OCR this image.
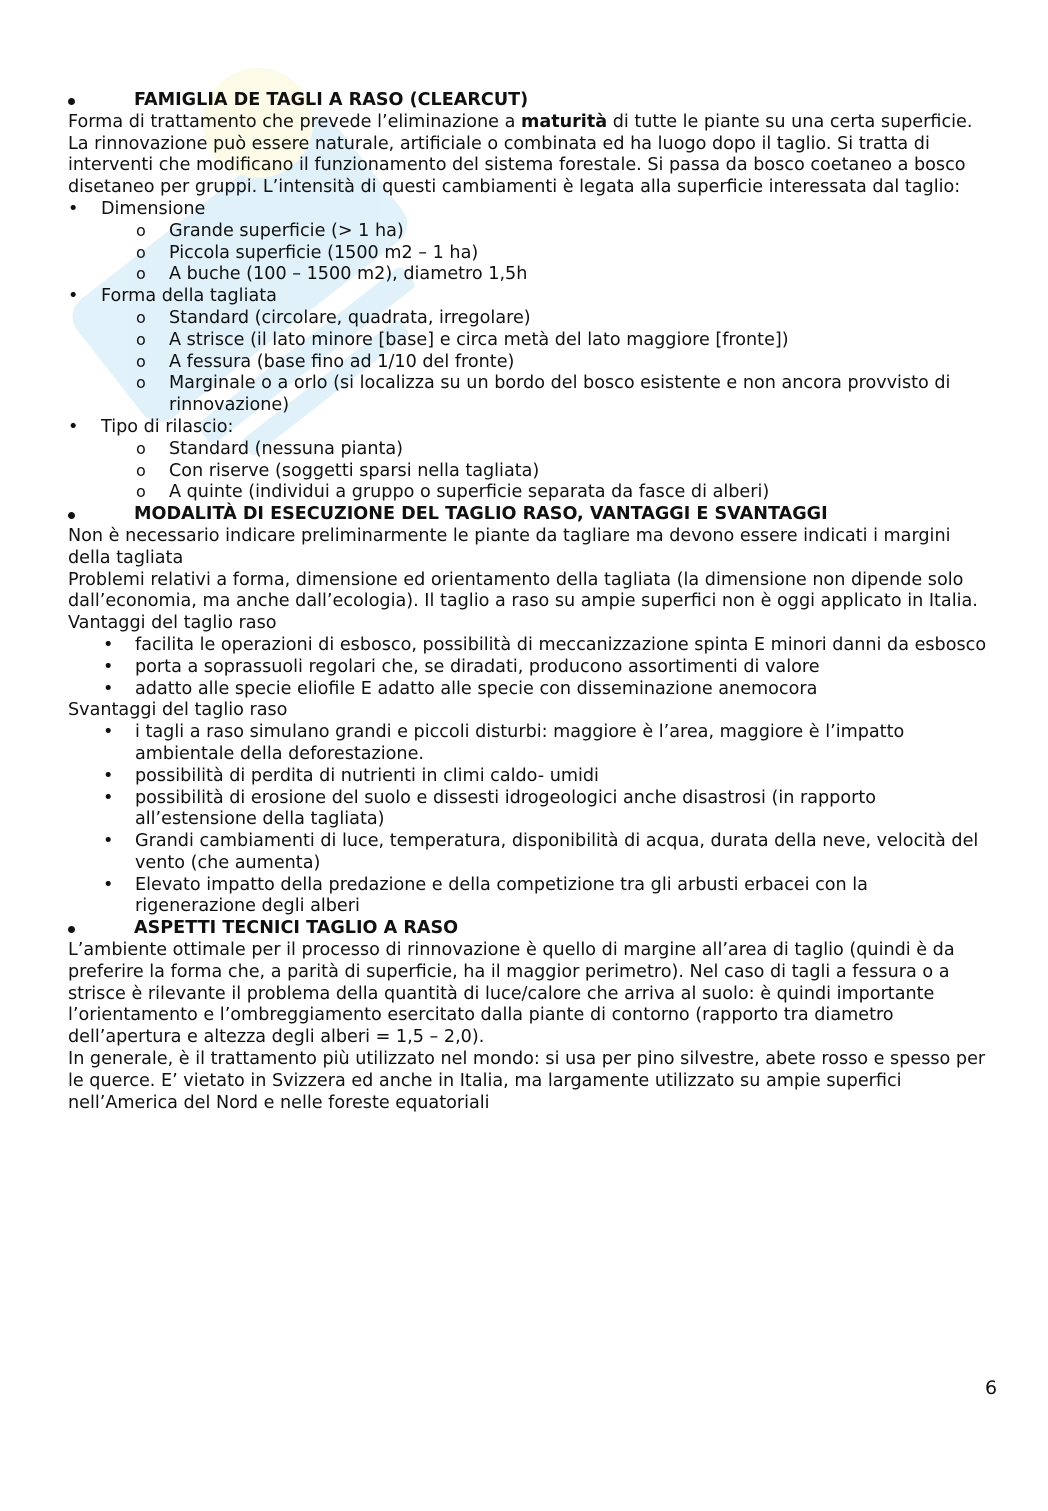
FAMIGLIA DE TAGLI A RASO (CLEARCUT)

Forma di trattamento che prevede l’eliminazione a maturità di tutte le piante su una certa superficie. La rinnovazione può essere naturale, artificiale o combinata ed ha luogo dopo il taglio. Si tratta di interventi che modificano il funzionamento del sistema forestale. Si passa da bosco coetaneo a bosco disetaneo per gruppi. L’intensità di questi cambiamenti è legata alla superficie interessata dal taglio:

• Dimensione

o Grande superficie (> 1 ha)

o Piccola superficie (1500 m2 – 1 ha)

o A buche (100 – 1500 m2), diametro 1,5h

• Forma della tagliata

o Standard (circolare, quadrata, irregolare)

o A strisce (il lato minore [base] e circa metà del lato maggiore [fronte])

o A fessura (base fino ad 1/10 del fronte)

o Marginale o a orlo (si localizza su un bordo del bosco esistente e non ancora provvisto di rinnovazione)

• Tipo di rilascio:

o Standard (nessuna pianta)

o Con riserve (soggetti sparsi nella tagliata)

o A quinte (individui a gruppo o superficie separata da fasce di alberi)

MODALITÀ DI ESECUZIONE DEL TAGLIO RASO, VANTAGGI E SVANTAGGI

Non è necessario indicare preliminarmente le piante da tagliare ma devono essere indicati i margini della tagliata

Problemi relativi a forma, dimensione ed orientamento della tagliata (la dimensione non dipende solo dall’economia, ma anche dall’ecologia). Il taglio a raso su ampie superfici non è oggi applicato in Italia.

Vantaggi del taglio raso

• facilita le operazioni di esbosco, possibilità di meccanizzazione spinta E minori danni da esbosco

• porta a soprassuoli regolari che, se diradati, producono assortimenti di valore

• adatto alle specie eliofile E adatto alle specie con disseminazione anemocora

Svantaggi del taglio raso

• i tagli a raso simulano grandi e piccoli disturbi: maggiore è l’area, maggiore è l’impatto ambientale della deforestazione.

• possibilità di perdita di nutrienti in climi caldo- umidi

• possibilità di erosione del suolo e dissesti idrogeologici anche disastrosi (in rapporto all’estensione della tagliata)

• Grandi cambiamenti di luce, temperatura, disponibilità di acqua, durata della neve, velocità del vento (che aumenta)

• Elevato impatto della predazione e della competizione tra gli arbusti erbacei con la rigenerazione degli alberi

ASPETTI TECNICI TAGLIO A RASO

L’ambiente ottimale per il processo di rinnovazione è quello di margine all’area di taglio (quindi è da preferire la forma che, a parità di superficie, ha il maggior perimetro). Nel caso di tagli a fessura o a strisce è rilevante il problema della quantità di luce/calore che arriva al suolo: è quindi importante l’orientamento e l’ombreggiamento esercitato dalla piante di contorno (rapporto tra diametro dell’apertura e altezza degli alberi = 1,5 – 2,0).

In generale, è il trattamento più utilizzato nel mondo: si usa per pino silvestre, abete rosso e spesso per le querce. E’ vietato in Svizzera ed anche in Italia, ma largamente utilizzato su ampie superfici nell’America del Nord e nelle foreste equatoriali

6
